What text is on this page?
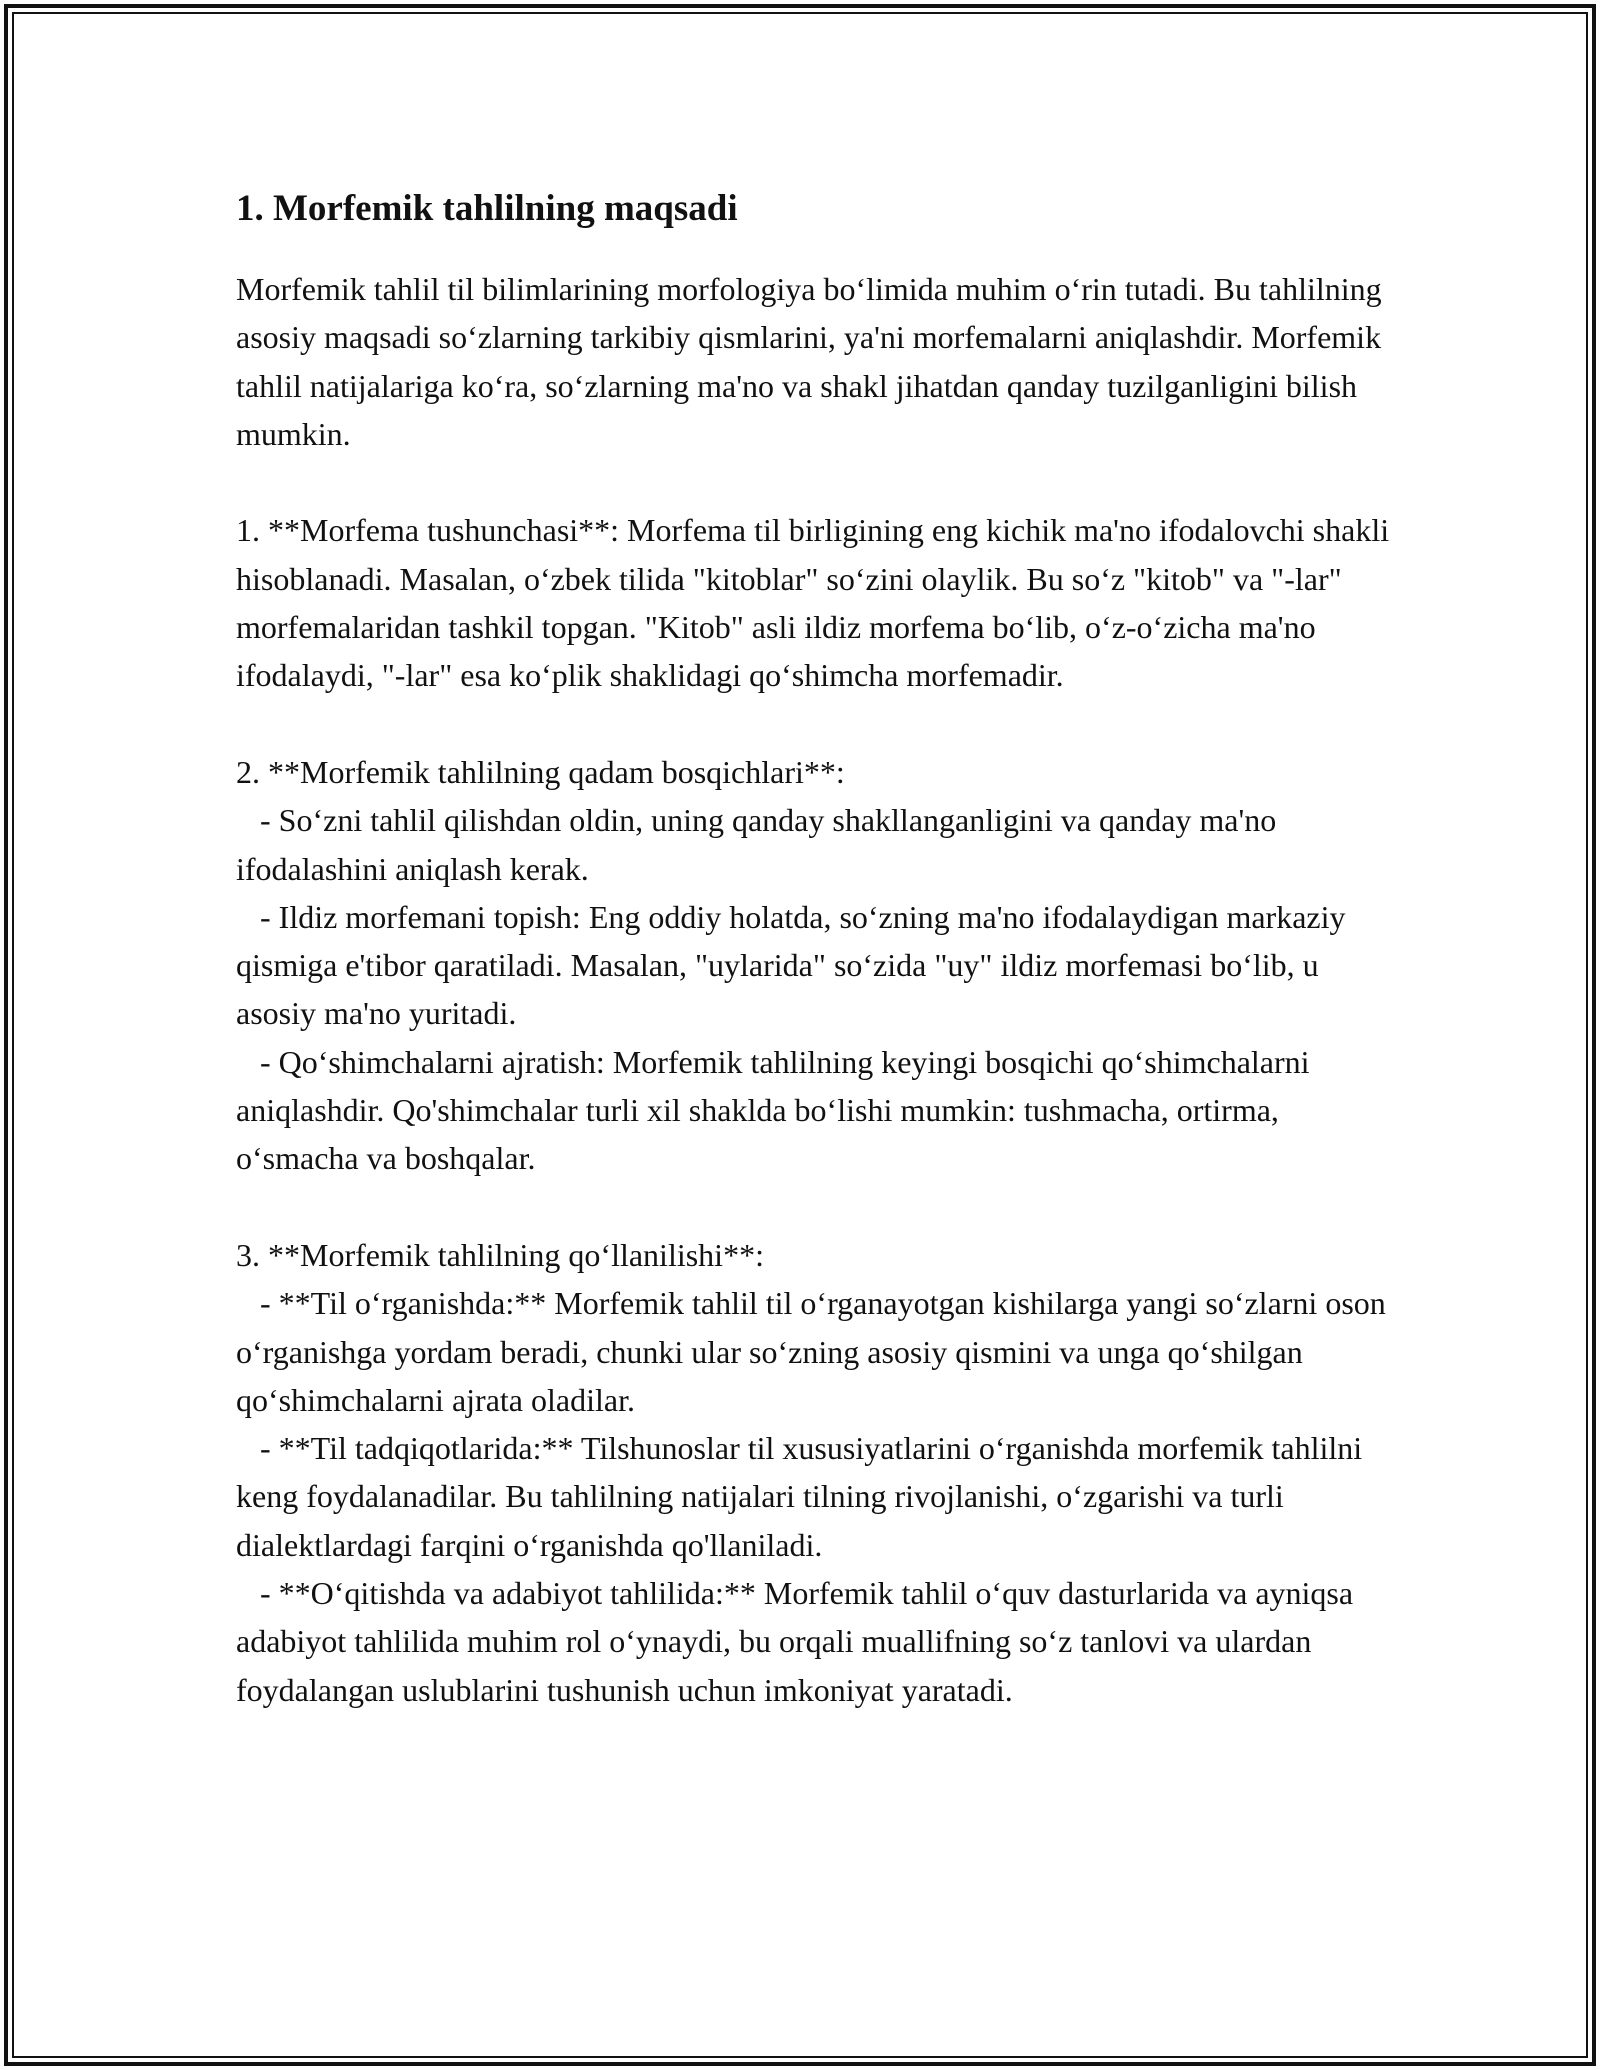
1. Morfemik tahlilning maqsadi

Morfemik tahlil til bilimlarining morfologiya bo‘limida muhim o‘rin tutadi. Bu tahlilning asosiy maqsadi so‘zlarning tarkibiy qismlarini, ya'ni morfemalarni aniqlashdir. Morfemik tahlil natijalariga ko‘ra, so‘zlarning ma'no va shakl jihatdan qanday tuzilganligini bilish mumkin.

1. **Morfema tushunchasi**: Morfema til birligining eng kichik ma'no ifodalovchi shakli hisoblanadi. Masalan, o‘zbek tilida "kitoblar" so‘zini olaylik. Bu so‘z "kitob" va "-lar" morfemalaridan tashkil topgan. "Kitob" asli ildiz morfema bo‘lib, o‘z-o‘zicha ma'no ifodalaydi, "-lar" esa ko‘plik shaklidagi qo‘shimcha morfemadir.

2. **Morfemik tahlilning qadam bosqichlari**:

- So‘zni tahlil qilishdan oldin, uning qanday shakllanganligini va qanday ma'no ifodalashini aniqlash kerak.

- Ildiz morfemani topish: Eng oddiy holatda, so‘zning ma'no ifodalaydigan markaziy qismiga e'tibor qaratiladi. Masalan, "uylarida" so‘zida "uy" ildiz morfemasi bo‘lib, u asosiy ma'no yuritadi.

- Qo‘shimchalarni ajratish: Morfemik tahlilning keyingi bosqichi qo‘shimchalarni aniqlashdir. Qo'shimchalar turli xil shaklda bo‘lishi mumkin: tushmacha, ortirma, o‘smacha va boshqalar.

3. **Morfemik tahlilning qo‘llanilishi**:

- **Til o‘rganishda:** Morfemik tahlil til o‘rganayotgan kishilarga yangi so‘zlarni oson o‘rganishga yordam beradi, chunki ular so‘zning asosiy qismini va unga qo‘shilgan qo‘shimchalarni ajrata oladilar.

- **Til tadqiqotlarida:** Tilshunoslar til xususiyatlarini o‘rganishda morfemik tahlilni keng foydalanadilar. Bu tahlilning natijalari tilning rivojlanishi, o‘zgarishi va turli dialektlardagi farqini o‘rganishda qo'llaniladi.

- **O‘qitishda va adabiyot tahlilida:** Morfemik tahlil o‘quv dasturlarida va ayniqsa adabiyot tahlilida muhim rol o‘ynaydi, bu orqali muallifning so‘z tanlovi va ulardan foydalangan uslublarini tushunish uchun imkoniyat yaratadi.
